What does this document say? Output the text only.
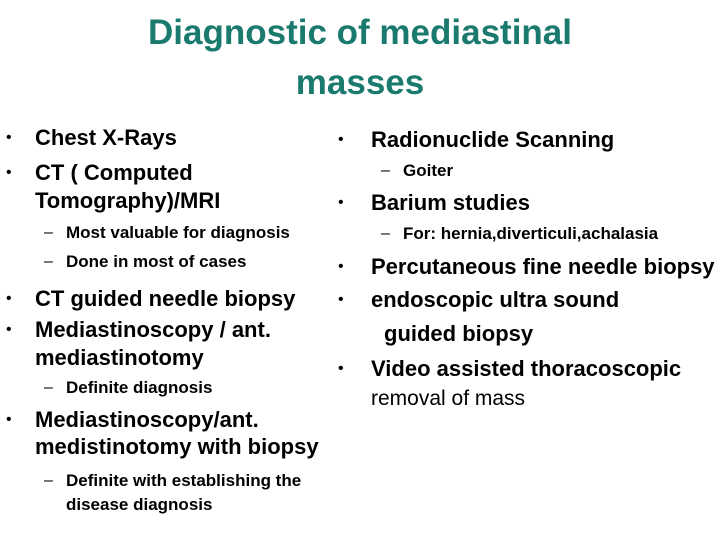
Diagnostic of mediastinal
masses
• Chest X-Rays
• CT ( Computed
Tomography)/MRI
– Most valuable for diagnosis
– Done in most of cases
• CT guided needle biopsy
• Mediastinoscopy / ant.
mediastinotomy
– Definite diagnosis
• Mediastinoscopy/ant.
medistinotomy with biopsy
– Definite with establishing the
disease diagnosis
• Radionuclide Scanning
– Goiter
• Barium studies
– For: hernia,diverticuli,achalasia
• Percutaneous fine needle biopsy
• endoscopic ultra sound
guided biopsy
• Video assisted thoracoscopic
removal of mass
